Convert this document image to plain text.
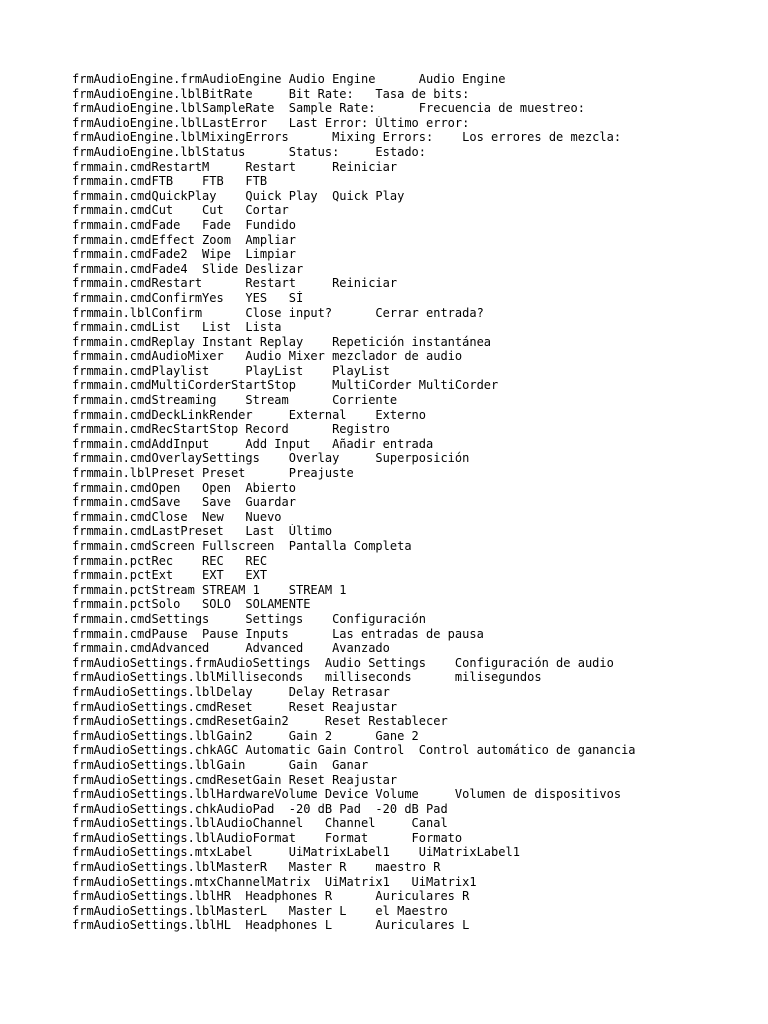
frmAudioEngine.frmAudioEngine Audio Engine      Audio Engine
frmAudioEngine.lblBitRate     Bit Rate:   Tasa de bits:
frmAudioEngine.lblSampleRate  Sample Rate:      Frecuencia de muestreo:
frmAudioEngine.lblLastError   Last Error: Último error:
frmAudioEngine.lblMixingErrors      Mixing Errors:    Los errores de mezcla:
frmAudioEngine.lblStatus      Status:     Estado:
frmmain.cmdRestartM     Restart     Reiniciar
frmmain.cmdFTB    FTB   FTB
frmmain.cmdQuickPlay    Quick Play  Quick Play
frmmain.cmdCut    Cut   Cortar
frmmain.cmdFade   Fade  Fundido
frmmain.cmdEffect Zoom  Ampliar
frmmain.cmdFade2  Wipe  Limpiar
frmmain.cmdFade4  Slide Deslizar
frmmain.cmdRestart      Restart     Reiniciar
frmmain.cmdConfirmYes   YES   SÍ
frmmain.lblConfirm      Close input?      Cerrar entrada?
frmmain.cmdList   List  Lista
frmmain.cmdReplay Instant Replay    Repetición instantánea
frmmain.cmdAudioMixer   Audio Mixer mezclador de audio
frmmain.cmdPlaylist     PlayList    PlayList
frmmain.cmdMultiCorderStartStop     MultiCorder MultiCorder
frmmain.cmdStreaming    Stream      Corriente
frmmain.cmdDeckLinkRender     External    Externo
frmmain.cmdRecStartStop Record      Registro
frmmain.cmdAddInput     Add Input   Añadir entrada
frmmain.cmdOverlaySettings    Overlay     Superposición
frmmain.lblPreset Preset      Preajuste
frmmain.cmdOpen   Open  Abierto
frmmain.cmdSave   Save  Guardar
frmmain.cmdClose  New   Nuevo
frmmain.cmdLastPreset   Last  Último
frmmain.cmdScreen Fullscreen  Pantalla Completa
frmmain.pctRec    REC   REC
frmmain.pctExt    EXT   EXT
frmmain.pctStream STREAM 1    STREAM 1
frmmain.pctSolo   SOLO  SOLAMENTE
frmmain.cmdSettings     Settings    Configuración
frmmain.cmdPause  Pause Inputs      Las entradas de pausa
frmmain.cmdAdvanced     Advanced    Avanzado
frmAudioSettings.frmAudioSettings  Audio Settings    Configuración de audio
frmAudioSettings.lblMilliseconds   milliseconds      milisegundos
frmAudioSettings.lblDelay     Delay Retrasar
frmAudioSettings.cmdReset     Reset Reajustar
frmAudioSettings.cmdResetGain2     Reset Restablecer
frmAudioSettings.lblGain2     Gain 2      Gane 2
frmAudioSettings.chkAGC Automatic Gain Control  Control automático de ganancia
frmAudioSettings.lblGain      Gain  Ganar
frmAudioSettings.cmdResetGain Reset Reajustar
frmAudioSettings.lblHardwareVolume Device Volume     Volumen de dispositivos
frmAudioSettings.chkAudioPad  -20 dB Pad  -20 dB Pad
frmAudioSettings.lblAudioChannel   Channel     Canal
frmAudioSettings.lblAudioFormat    Format      Formato
frmAudioSettings.mtxLabel     UiMatrixLabel1    UiMatrixLabel1
frmAudioSettings.lblMasterR   Master R    maestro R
frmAudioSettings.mtxChannelMatrix  UiMatrix1   UiMatrix1
frmAudioSettings.lblHR  Headphones R      Auriculares R
frmAudioSettings.lblMasterL   Master L    el Maestro
frmAudioSettings.lblHL  Headphones L      Auriculares L
